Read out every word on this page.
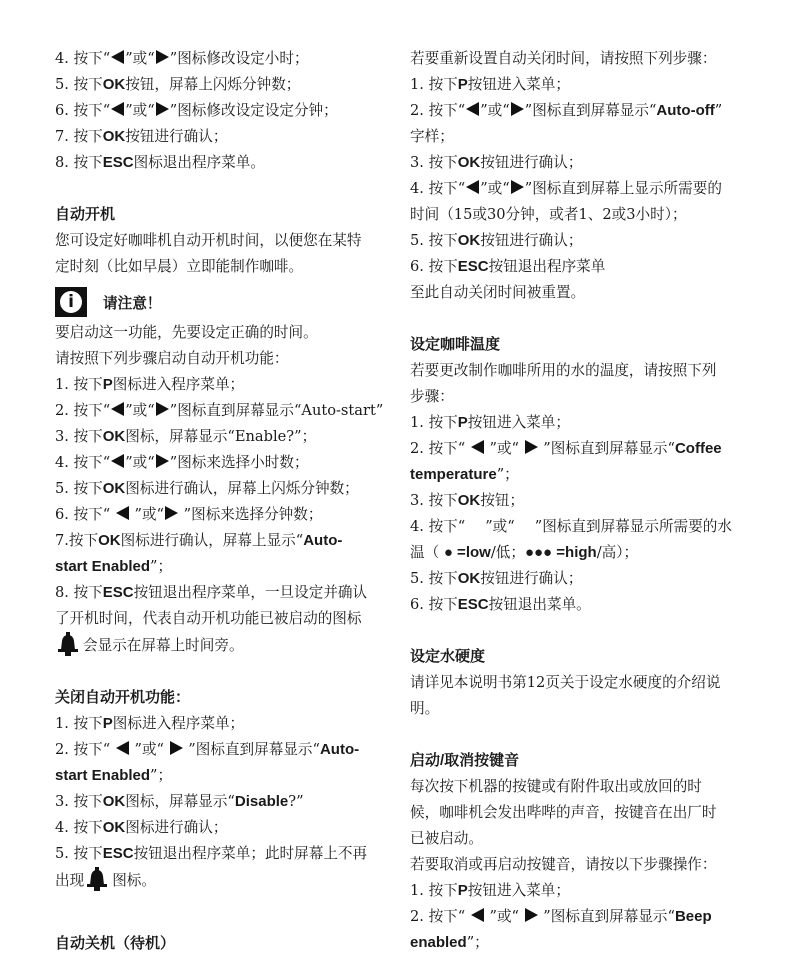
4. 按下“ ”或“ ”图标修改设定小时；
5. 按下OK按钮，屏幕上闪烁分钟数；
6. 按下“ ”或“ ”图标修改设定设定分钟；
7. 按下OK按钮进行确认；
8. 按下ESC图标退出程序菜单。
自动开机
您可设定好咖啡机自动开机时间，以便您在某特
定时刻（比如早晨）立即能制作咖啡。
i	请注意！
要启动这一功能，先要设定正确的时间。
请按照下列步骤启动自动开机功能：
1. 按下P图标进入程序菜单；
2. 按下“ ”或“ ”图标直到屏幕显示“Auto-start”
3. 按下OK图标，屏幕显示“Enable?”；
4. 按下“ ”或“ ”图标来选择小时数；
5. 按下OK图标进行确认，屏幕上闪烁分钟数；
6. 按下“  ”或“ ”图标来选择分钟数；
7.按下OK图标进行确认，屏幕上显示“Auto-
start Enabled”；
8. 按下ESC按钮退出程序菜单，一旦设定并确认
了开机时间，代表自动开机功能已被启动的图标
会显示在屏幕上时间旁。
关闭自动开机功能：
1. 按下P图标进入程序菜单；
2. 按下“  ”或“  ”图标直到屏幕显示“Auto-
start Enabled”；
3. 按下OK图标，屏幕显示“Disable?”
4. 按下OK图标进行确认；
5. 按下ESC按钮退出程序菜单；此时屏幕上不再
出现 图标。
自动关机（待机）
若要重新设置自动关闭时间，请按照下列步骤：
1. 按下P按钮进入菜单；
2. 按下“ ”或“ ”图标直到屏幕显示“Auto-off”
字样；
3. 按下OK按钮进行确认；
4. 按下“ ”或“ ”图标直到屏幕上显示所需要的
时间（15或30分钟，或者1、2或3小时）；
5. 按下OK按钮进行确认；
6. 按下ESC按钮退出程序菜单
至此自动关闭时间被重置。
设定咖啡温度
若要更改制作咖啡所用的水的温度，请按照下列
步骤：
1. 按下P按钮进入菜单；
2. 按下“  ”或“  ”图标直到屏幕显示“Coffee
temperature”；
3. 按下OK按钮；
4. 按下“ ”或“ ”图标直到屏幕显示所需要的水
温（ ● =low/低；●●● =high/高）；
5. 按下OK按钮进行确认；
6. 按下ESC按钮退出菜单。
设定水硬度
请详见本说明书第12页关于设定水硬度的介绍说
明。
启动/取消按键音
每次按下机器的按键或有附件取出或放回的时
候，咖啡机会发出哔哔的声音，按键音在出厂时
已被启动。
若要取消或再启动按键音，请按以下步骤操作：
1. 按下P按钮进入菜单；
2. 按下“  ”或“  ”图标直到屏幕显示“Beep
enabled”；
